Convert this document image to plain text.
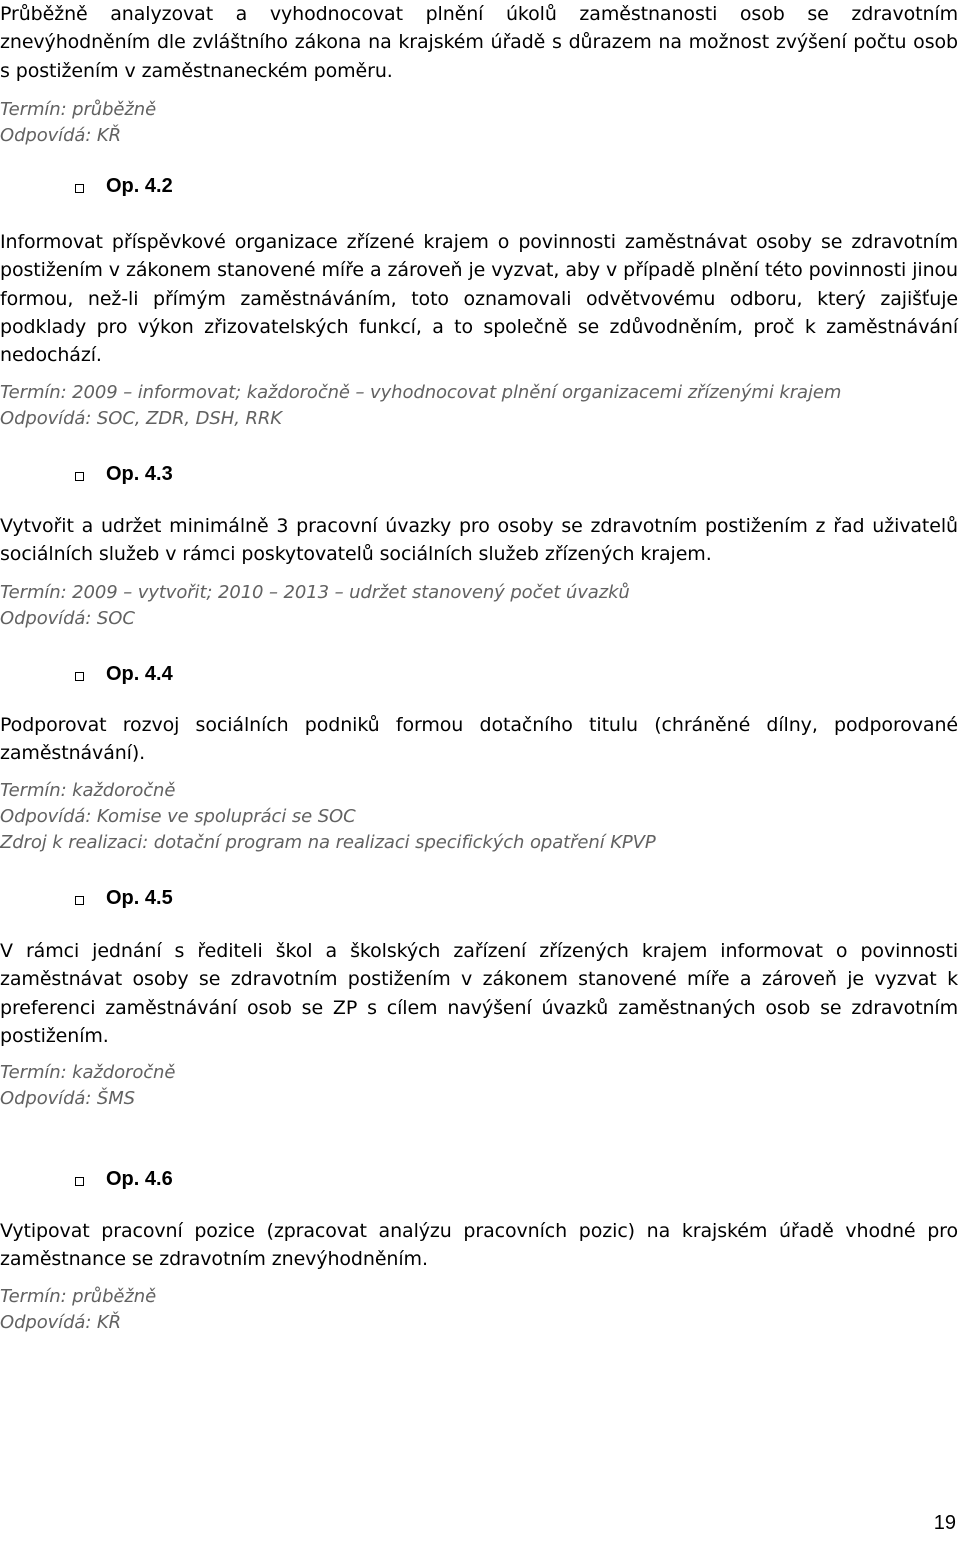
Průběžně analyzovat a vyhodnocovat plnění úkolů zaměstnanosti osob se zdravotním znevýhodněním dle zvláštního zákona na krajském úřadě s důrazem na možnost zvýšení počtu osob s postižením v zaměstnaneckém poměru.

Termín: průběžně
Odpovídá: KŘ
Op. 4.2

Informovat příspěvkové organizace zřízené krajem o povinnosti zaměstnávat osoby se zdravotním postižením v zákonem stanovené míře a zároveň je vyzvat, aby v případě plnění této povinnosti jinou formou, než-li přímým zaměstnáváním, toto oznamovali odvětvovému odboru, který zajišťuje podklady pro výkon zřizovatelských funkcí, a to společně se zdůvodněním, proč k zaměstnávání nedochází.

Termín: 2009 – informovat; každoročně – vyhodnocovat plnění organizacemi zřízenými krajem
Odpovídá: SOC, ZDR, DSH, RRK
Op. 4.3

Vytvořit a udržet minimálně 3 pracovní úvazky pro osoby se zdravotním postižením z řad uživatelů sociálních služeb v rámci poskytovatelů sociálních služeb zřízených krajem.

Termín: 2009 – vytvořit; 2010 – 2013 – udržet stanovený počet úvazků
Odpovídá: SOC
Op. 4.4

Podporovat rozvoj sociálních podniků formou dotačního titulu (chráněné dílny, podporované zaměstnávání).

Termín: každoročně
Odpovídá: Komise ve spolupráci se SOC
Zdroj k realizaci: dotační program na realizaci specifických opatření KPVP
Op. 4.5

V rámci jednání s řediteli škol a školských zařízení zřízených krajem informovat o povinnosti zaměstnávat osoby se zdravotním postižením v zákonem stanovené míře a zároveň je vyzvat k preferenci zaměstnávání osob se ZP s cílem navýšení úvazků zaměstnaných osob se zdravotním postižením.

Termín: každoročně
Odpovídá: ŠMS
Op. 4.6

Vytipovat pracovní pozice (zpracovat analýzu pracovních pozic) na krajském úřadě vhodné pro zaměstnance se zdravotním znevýhodněním.

Termín: průběžně
Odpovídá: KŘ
19
